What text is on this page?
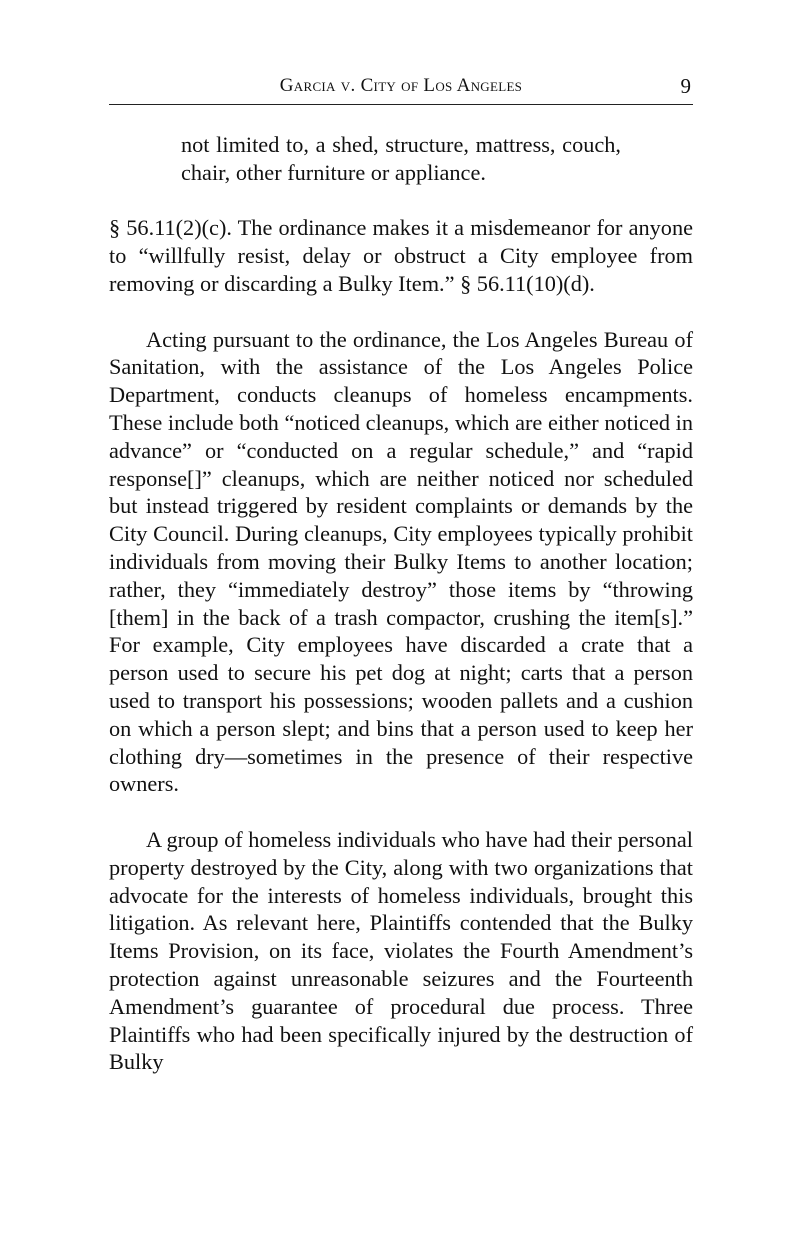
Garcia v. City of Los Angeles	9

not limited to, a shed, structure, mattress, couch, chair, other furniture or appliance.

§ 56.11(2)(c). The ordinance makes it a misdemeanor for anyone to “willfully resist, delay or obstruct a City employee from removing or discarding a Bulky Item.” § 56.11(10)(d).

Acting pursuant to the ordinance, the Los Angeles Bureau of Sanitation, with the assistance of the Los Angeles Police Department, conducts cleanups of homeless encampments. These include both “noticed cleanups, which are either noticed in advance” or “conducted on a regular schedule,” and “rapid response[]” cleanups, which are neither noticed nor scheduled but instead triggered by resident complaints or demands by the City Council. During cleanups, City employees typically prohibit individuals from moving their Bulky Items to another location; rather, they “immediately destroy” those items by “throwing [them] in the back of a trash compactor, crushing the item[s].” For example, City employees have discarded a crate that a person used to secure his pet dog at night; carts that a person used to transport his possessions; wooden pallets and a cushion on which a person slept; and bins that a person used to keep her clothing dry—sometimes in the presence of their respective owners.

A group of homeless individuals who have had their personal property destroyed by the City, along with two organizations that advocate for the interests of homeless individuals, brought this litigation. As relevant here, Plaintiffs contended that the Bulky Items Provision, on its face, violates the Fourth Amendment’s protection against unreasonable seizures and the Fourteenth Amendment’s guarantee of procedural due process. Three Plaintiffs who had been specifically injured by the destruction of Bulky
